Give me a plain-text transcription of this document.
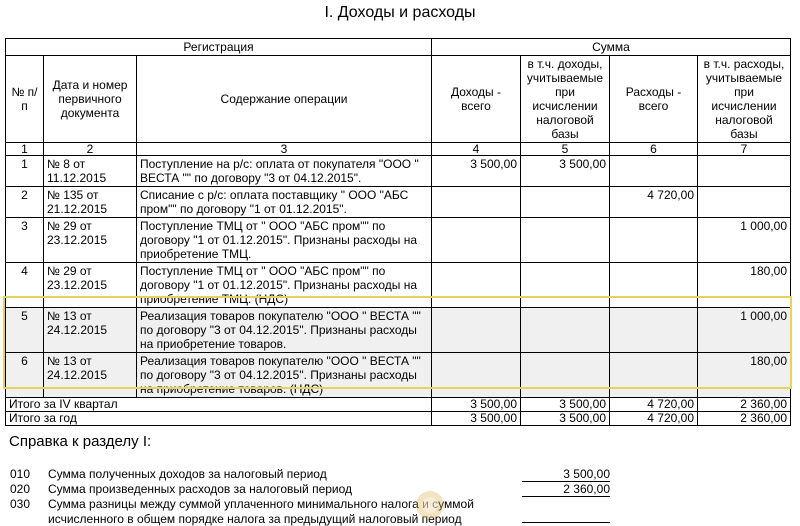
I. Доходы и расходы
Регистрация			Сумма			
№ п/п	Дата и номер первичного документа	Содержание операции	Доходы - всего	в т.ч. доходы, учитываемые при исчислении налоговой базы	Расходы - всего	в т.ч. расходы, учитываемые при исчислении налоговой базы
1	2	3	4	5	6	7
1	№ 8 от 11.12.2015	Поступление на р/с: оплата от покупателя "ООО " ВЕСТА "" по договору "3 от 04.12.2015".	3 500,00	3 500,00		
2	№ 135 от 21.12.2015	Списание с р/с: оплата поставщику " ООО "АБС пром"" по договору "1 от 01.12.2015".			4 720,00	
3	№ 29 от 23.12.2015	Поступление ТМЦ от " ООО "АБС пром"" по договору "1 от 01.12.2015". Признаны расходы на приобретение ТМЦ.				1 000,00
4	№ 29 от 23.12.2015	Поступление ТМЦ от " ООО "АБС пром"" по договору "1 от 01.12.2015". Признаны расходы на приобретение ТМЦ. (НДС)				180,00
5	№ 13 от 24.12.2015	Реализация товаров покупателю "ООО " ВЕСТА "" по договору "3 от 04.12.2015". Признаны расходы на приобретение товаров.				1 000,00
6	№ 13 от 24.12.2015	Реализация товаров покупателю "ООО " ВЕСТА "" по договору "3 от 04.12.2015". Признаны расходы на приобретение товаров. (НДС)				180,00
Итого за IV квартал			3 500,00	3 500,00	4 720,00	2 360,00
Итого за год			3 500,00	3 500,00	4 720,00	2 360,00
Справка к разделу I:
010 Сумма полученных доходов за налоговый период	3 500,00
020 Сумма произведенных расходов за налоговый период	2 360,00
030 Сумма разницы между суммой уплаченного минимального налога и суммой
исчисленного в общем порядке налога за предыдущий налоговый период
